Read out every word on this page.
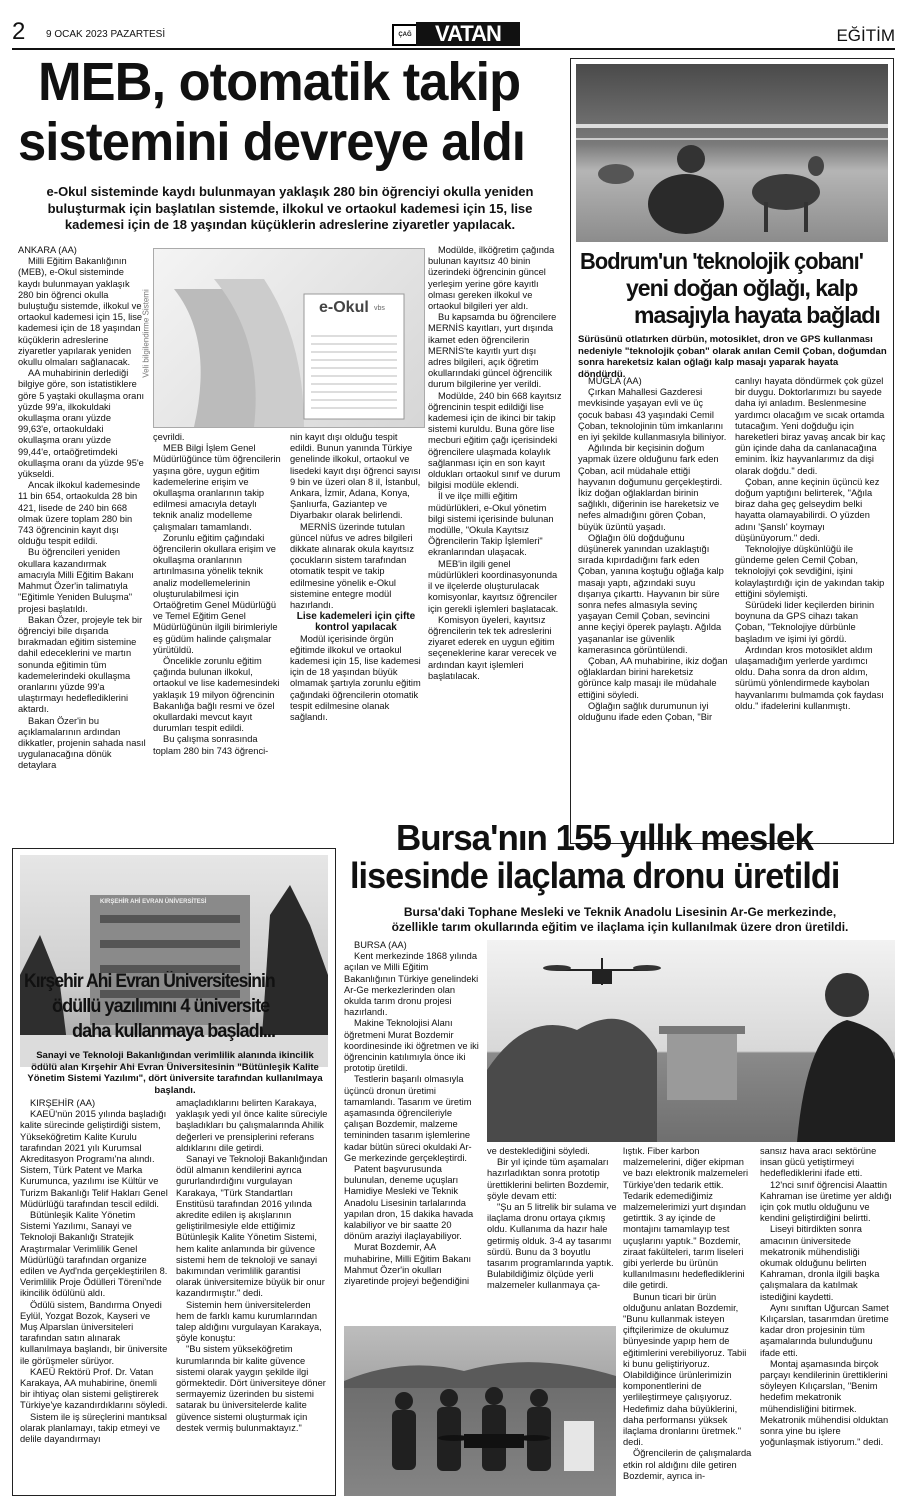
2 9 OCAK 2023 PAZARTESİ	ÇAĞ	VATAN	EĞİTİM
MEB, otomatik takip
sistemini devreye aldı
e-Okul sisteminde kaydı bulunmayan yaklaşık 280 bin öğrenciyi okulla yeniden
buluşturmak için başlatılan sistemde, ilkokul ve ortaokul kademesi için 15, lise
kademesi için de 18 yaşından küçüklerin adreslerine ziyaretler yapılacak.

ANKARA (AA)

Milli Eğitim Bakanlığının (MEB), e-Okul sisteminde kaydı bulunmayan yaklaşık 280 bin öğrenci okulla buluştuğu sistemde, ilkokul ve ortaokul kademesi için 15, lise kademesi için de 18 yaşından küçüklerin adreslerine ziyaretler yapılarak yeniden okullu olmaları sağlanacak.

AA muhabirinin derlediği bilgiye göre, son istatistiklere göre 5 yaştaki okullaşma oranı yüzde 99'a, ilkokuldaki okullaşma oranı yüzde 99,63'e, ortaokuldaki okullaşma oranı yüzde 99,44'e, ortaöğretimdeki okullaşma oranı da yüzde 95'e yükseldi.

Ancak ilkokul kademesinde 11 bin 654, ortaokulda 28 bin 421, lisede de 240 bin 668 olmak üzere toplam 280 bin 743 öğrencinin kayıt dışı olduğu tespit edildi.

Bu öğrencileri yeniden okullara kazandırmak amacıyla Milli Eğitim Bakanı Mahmut Özer'in talimatıyla "Eğitimle Yeniden Buluşma" projesi başlatıldı.

Bakan Özer, projeyle tek bir öğrenciyi bile dışarıda bırakmadan eğitim sistemine dahil edeceklerini ve martın sonunda eğitimin tüm kademelerindeki okullaşma oranlarını yüzde 99'a ulaştırmayı hedeflediklerini aktardı.

Bakan Özer'in bu açıklamalarının ardından dikkatler, projenin sahada nasıl uygulanacağına dönük detaylara

Veli bilgilendirme Sistemi	e-Okul vbs

çevrildi.

MEB Bilgi İşlem Genel Müdürlüğünce tüm öğrencilerin yaşına göre, uygun eğitim kademelerine erişim ve okullaşma oranlarının takip edilmesi amacıyla detaylı teknik analiz modelleme çalışmaları tamamlandı.

Zorunlu eğitim çağındaki öğrencilerin okullara erişim ve okullaşma oranlarının artırılmasına yönelik teknik analiz modellemelerinin oluşturulabilmesi için Ortaöğretim Genel Müdürlüğü ve Temel Eğitim Genel Müdürlüğünün ilgili birimleriyle eş güdüm halinde çalışmalar yürütüldü.

Öncelikle zorunlu eğitim çağında bulunan ilkokul, ortaokul ve lise kademesindeki yaklaşık 19 milyon öğrencinin Bakanlığa bağlı resmi ve özel okullardaki mevcut kayıt durumları tespit edildi.

Bu çalışma sonrasında toplam 280 bin 743 öğrenci-

nin kayıt dışı olduğu tespit edildi. Bunun yanında Türkiye genelinde ilkokul, ortaokul ve lisedeki kayıt dışı öğrenci sayısı 9 bin ve üzeri olan 8 il, İstanbul, Ankara, İzmir, Adana, Konya, Şanlıurfa, Gaziantep ve Diyarbakır olarak belirlendi.

MERNİS üzerinde tutulan güncel nüfus ve adres bilgileri dikkate alınarak okula kayıtsız çocukların sistem tarafından otomatik tespit ve takip edilmesine yönelik e-Okul sistemine entegre modül hazırlandı.

Lise kademeleri için çifte kontrol yapılacak

Modül içerisinde örgün eğitimde ilkokul ve ortaokul kademesi için 15, lise kademesi için de 18 yaşından büyük olmamak şartıyla zorunlu eğitim çağındaki öğrencilerin otomatik tespit edilmesine olanak sağlandı.

Modülde, ilköğretim çağında bulunan kayıtsız 40 binin üzerindeki öğrencinin güncel yerleşim yerine göre kayıtlı olması gereken ilkokul ve ortaokul bilgileri yer aldı.

Bu kapsamda bu öğrencilere MERNİS kayıtları, yurt dışında ikamet eden öğrencilerin MERNİS'te kayıtlı yurt dışı adres bilgileri, açık öğretim okullarındaki güncel öğrencilik durum bilgilerine yer verildi.

Modülde, 240 bin 668 kayıtsız öğrencinin tespit edildiği lise kademesi için de ikinci bir takip sistemi kuruldu. Buna göre lise mecburi eğitim çağı içerisindeki öğrencilere ulaşmada kolaylık sağlanması için en son kayıt oldukları ortaokul sınıf ve durum bilgisi modüle eklendi.

İl ve ilçe milli eğitim müdürlükleri, e-Okul yönetim bilgi sistemi içerisinde bulunan modülle, "Okula Kayıtsız Öğrencilerin Takip İşlemleri" ekranlarından ulaşacak.

MEB'in ilgili genel müdürlükleri koordinasyonunda il ve ilçelerde oluşturulacak komisyonlar, kayıtsız öğrenciler için gerekli işlemleri başlatacak.

Komisyon üyeleri, kayıtsız öğrencilerin tek tek adreslerini ziyaret ederek en uygun eğitim seçeneklerine karar verecek ve ardından kayıt işlemleri başlatılacak.

Bodrum'un 'teknolojik çobanı'
yeni doğan oğlağı, kalp
masajıyla hayata bağladı
Sürüsünü otlatırken dürbün, motosiklet, dron ve GPS kullanması nedeniyle "teknolojik çoban" olarak anılan Cemil Çoban, doğumdan sonra hareketsiz kalan oğlağı kalp masajı yaparak hayata döndürdü.

MUĞLA (AA)

Çırkan Mahallesi Gazderesi mevkisinde yaşayan evli ve üç çocuk babası 43 yaşındaki Cemil Çoban, teknolojinin tüm imkanlarını en iyi şekilde kullanmasıyla biliniyor.

Ağılında bir keçisinin doğum yapmak üzere olduğunu fark eden Çoban, acil müdahale ettiği hayvanın doğumunu gerçekleştirdi. İkiz doğan oğlaklardan birinin sağlıklı, diğerinin ise hareketsiz ve nefes almadığını gören Çoban, büyük üzüntü yaşadı.

Oğlağın ölü doğduğunu düşünerek yanından uzaklaştığı sırada kıpırdadığını fark eden Çoban, yanına koştuğu oğlağa kalp masajı yaptı, ağzındaki suyu dışarıya çıkarttı. Hayvanın bir süre sonra nefes almasıyla sevinç yaşayan Cemil Çoban, sevincini anne keçiyi öperek paylaştı. Ağılda yaşananlar ise güvenlik kamerasınca görüntülendi.

Çoban, AA muhabirine, ikiz doğan oğlaklardan birini hareketsiz görünce kalp masajı ile müdahale ettiğini söyledi.

Oğlağın sağlık durumunun iyi olduğunu ifade eden Çoban, "Bir

canlıyı hayata döndürmek çok güzel bir duygu. Doktorlarımızı bu sayede daha iyi anladım. Beslenmesine yardımcı olacağım ve sıcak ortamda tutacağım. Yeni doğduğu için hareketleri biraz yavaş ancak bir kaç gün içinde daha da canlanacağına eminim. İkiz hayvanlarımız da dişi olarak doğdu." dedi.

Çoban, anne keçinin üçüncü kez doğum yaptığını belirterek, "Ağıla biraz daha geç gelseydim belki hayatta olamayabilirdi. O yüzden adını 'Şanslı' koymayı düşünüyorum." dedi.

Teknolojiye düşkünlüğü ile gündeme gelen Cemil Çoban, teknolojiyi çok sevdiğini, işini kolaylaştırdığı için de yakından takip ettiğini söylemişti.

Sürüdeki lider keçilerden birinin boynuna da GPS cihazı takan Çoban, "Teknolojiye dürbünle başladım ve işimi iyi gördü.

Ardından kros motosiklet aldım ulaşamadığım yerlerde yardımcı oldu. Daha sonra da dron aldım, sürümü yönlendirmede kaybolan hayvanlarımı bulmamda çok faydası oldu." ifadelerini kullanmıştı.

KIRŞEHİR AHİ EVRAN ÜNİVERSİTESİ
Kırşehir Ahi Evran Üniversitesinin
ödüllü yazılımını 4 üniversite
daha kullanmaya başladı...
Sanayi ve Teknoloji Bakanlığından verimlilik alanında ikincilik ödülü alan Kırşehir Ahi Evran Üniversitesinin "Bütünleşik Kalite Yönetim Sistemi Yazılımı", dört üniversite tarafından kullanılmaya başlandı.

KIRŞEHİR (AA)

KAEÜ'nün 2015 yılında başladığı kalite sürecinde geliştirdiği sistem, Yükseköğretim Kalite Kurulu tarafından 2021 yılı Kurumsal Akreditasyon Programı'na alındı. Sistem, Türk Patent ve Marka Kurumunca, yazılımı ise Kültür ve Turizm Bakanlığı Telif Hakları Genel Müdürlüğü tarafından tescil edildi.

Bütünleşik Kalite Yönetim Sistemi Yazılımı, Sanayi ve Teknoloji Bakanlığı Stratejik Araştırmalar Verimlilik Genel Müdürlüğü tarafından organize edilen ve Ayd'nda gerçekleştirilen 8. Verimlilik Proje Ödülleri Töreni'nde ikincilik ödülünü aldı.

Ödülü sistem, Bandırma Onyedi Eylül, Yozgat Bozok, Kayseri ve Muş Alparslan üniversiteleri tarafından satın alınarak kullanılmaya başlandı, bir üniversite ile görüşmeler sürüyor.

KAEÜ Rektörü Prof. Dr. Vatan Karakaya, AA muhabirine, önemli bir ihtiyaç olan sistemi geliştirerek Türkiye'ye kazandırdıklarını söyledi.

Sistem ile iş süreçlerini mantıksal olarak planlamayı, takip etmeyi ve delile dayandırmayı

amaçladıklarını belirten Karakaya, yaklaşık yedi yıl önce kalite süreciyle başladıkları bu çalışmalarında Ahilik değerleri ve prensiplerini referans aldıklarını dile getirdi.

Sanayi ve Teknoloji Bakanlığından ödül almanın kendilerini ayrıca gururlandırdığını vurgulayan Karakaya, "Türk Standartları Enstitüsü tarafından 2016 yılında akredite edilen iş akışlarının geliştirilmesiyle elde ettiğimiz Bütünleşik Kalite Yönetim Sistemi, hem kalite anlamında bir güvence sistemi hem de teknoloji ve sanayi bakımından verimlilik garantisi olarak üniversitemize büyük bir onur kazandırmıştır." dedi.

Sistemin hem üniversitelerden hem de farklı kamu kurumlarından talep aldığını vurgulayan Karakaya, şöyle konuştu:

"Bu sistem yükseköğretim kurumlarında bir kalite güvence sistemi olarak yaygın şekilde ilgi görmektedir. Dört üniversiteye döner sermayemiz üzerinden bu sistemi satarak bu üniversitelerde kalite güvence sistemi oluşturmak için destek vermiş bulunmaktayız."

Bursa'nın 155 yıllık meslek
lisesinde ilaçlama dronu üretildi
Bursa'daki Tophane Mesleki ve Teknik Anadolu Lisesinin Ar-Ge merkezinde,
özellikle tarım okullarında eğitim ve ilaçlama için kullanılmak üzere dron üretildi.

BURSA (AA)

Kent merkezinde 1868 yılında açılan ve Milli Eğitim Bakanlığının Türkiye genelindeki Ar-Ge merkezlerinden olan okulda tarım dronu projesi hazırlandı.

Makine Teknolojisi Alanı öğretmeni Murat Bozdemir koordinesinde iki öğretmen ve iki öğrencinin katılımıyla önce iki prototip üretildi.

Testlerin başarılı olmasıyla üçüncü dronun üretimi tamamlandı. Tasarım ve üretim aşamasında öğrencileriyle çalışan Bozdemir, malzeme temininden tasarım işlemlerine kadar bütün süreci okuldaki Ar-Ge merkezinde gerçekleştirdi.

Patent başvurusunda bulunulan, deneme uçuşları Hamidiye Mesleki ve Teknik Anadolu Lisesinin tarlalarında yapılan dron, 15 dakika havada kalabiliyor ve bir saatte 20 dönüm araziyi ilaçlayabiliyor.

Murat Bozdemir, AA muhabirine, Milli Eğitim Bakanı Mahmut Özer'in okulları ziyaretinde projeyi beğendiğini

ve desteklediğini söyledi.

Bir yıl içinde tüm aşamaları hazırladıktan sonra prototip ürettiklerini belirten Bozdemir, şöyle devam etti:

"Şu an 5 litrelik bir sulama ve ilaçlama dronu ortaya çıkmış oldu. Kullanıma da hazır hale getirmiş olduk. 3-4 ay tasarımı sürdü. Bunu da 3 boyutlu tasarım programlarında yaptık. Bulabildiğimiz ölçüde yerli malzemeler kullanmaya ça-

lıştık. Fiber karbon malzemelerini, diğer ekipman ve bazı elektronik malzemeleri Türkiye'den tedarik ettik. Tedarik edemediğimiz malzemelerimizi yurt dışından getirttik. 3 ay içinde de montajını tamamlayıp test uçuşlarını yaptık." Bozdemir, ziraat fakülteleri, tarım liseleri gibi yerlerde bu ürünün kullanılmasını hedeflediklerini dile getirdi.

Bunun ticari bir ürün olduğunu anlatan Bozdemir, "Bunu kullanmak isteyen çiftçilerimize de okulumuz bünyesinde yapıp hem de eğitimlerini verebiliyoruz. Tabii ki bunu geliştiriyoruz. Olabildiğince ürünlerimizin komponentlerini de yerlileştirmeye çalışıyoruz. Hedefimiz daha büyüklerini, daha performansı yüksek ilaçlama dronlarını üretmek." dedi.

Öğrencilerin de çalışmalarda etkin rol aldığını dile getiren Bozdemir, ayrıca in-

sansız hava aracı sektörüne insan gücü yetiştirmeyi hedeflediklerini ifade etti.

12'nci sınıf öğrencisi Alaattin Kahraman ise üretime yer aldığı için çok mutlu olduğunu ve kendini geliştirdiğini belirtti.

Liseyi bitirdikten sonra amacının üniversitede mekatronik mühendisliği okumak olduğunu belirten Kahraman, dronla ilgili başka çalışmalara da katılmak istediğini kaydetti.

Aynı sınıftan Uğurcan Samet Kılıçarslan, tasarımdan üretime kadar dron projesinin tüm aşamalarında bulunduğunu ifade etti.

Montaj aşamasında birçok parçayı kendilerinin ürettiklerini söyleyen Kılıçarslan, "Benim hedefim mekatronik mühendisliğini bitirmek. Mekatronik mühendisi olduktan sonra yine bu işlere yoğunlaşmak istiyorum." dedi.
